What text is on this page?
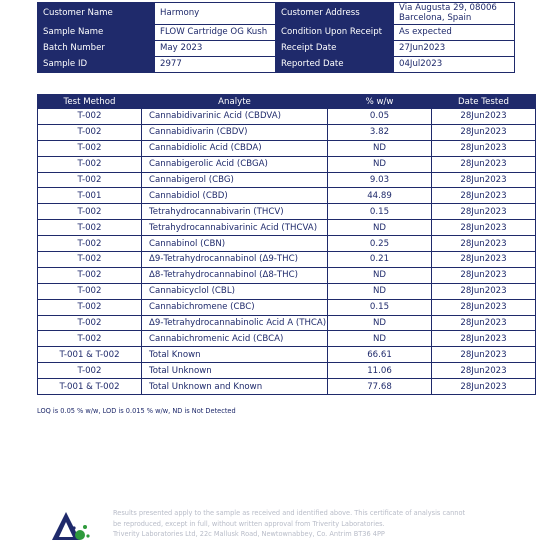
Customer Name	Harmony	Customer Address	Via Augusta 29, 08006
Barcelona, Spain

Sample Name	FLOW Cartridge OG Kush	Condition Upon Receipt	As expected
Batch Number	May 2023	Receipt Date	27Jun2023
Sample ID	2977	Reported Date	04Jul2023
Test Method	Analyte	% w/w	Date Tested
T-002	Cannabidivarinic Acid (CBDVA)	0.05	28Jun2023
T-002	Cannabidivarin (CBDV)	3.82	28Jun2023
T-002	Cannabidiolic Acid (CBDA)	ND	28Jun2023
T-002	Cannabigerolic Acid (CBGA)	ND	28Jun2023
T-002	Cannabigerol (CBG)	9.03	28Jun2023
T-001	Cannabidiol (CBD)	44.89	28Jun2023
T-002	Tetrahydrocannabivarin (THCV)	0.15	28Jun2023
T-002	Tetrahydrocannabivarinic Acid (THCVA)	ND	28Jun2023
T-002	Cannabinol (CBN)	0.25	28Jun2023
T-002	Δ9-Tetrahydrocannabinol (Δ9-THC)	0.21	28Jun2023
T-002	Δ8-Tetrahydrocannabinol (Δ8-THC)	ND	28Jun2023
T-002	Cannabicyclol (CBL)	ND	28Jun2023
T-002	Cannabichromene (CBC)	0.15	28Jun2023
T-002	Δ9-Tetrahydrocannabinolic Acid A (THCA)	ND	28Jun2023
T-002	Cannabichromenic Acid (CBCA)	ND	28Jun2023
T-001 & T-002	Total Known	66.61	28Jun2023
T-002	Total Unknown	11.06	28Jun2023
T-001 & T-002	Total Unknown and Known	77.68	28Jun2023
LOQ is 0.05 % w/w, LOD is 0.015 % w/w, ND is Not Detected
Results presented apply to the sample as received and identified above. This certificate of analysis cannot
be reproduced, except in full, without written approval from Triverity Laboratories.
Triverity Laboratories Ltd, 22c Mallusk Road, Newtownabbey, Co. Antrim BT36 4PP
